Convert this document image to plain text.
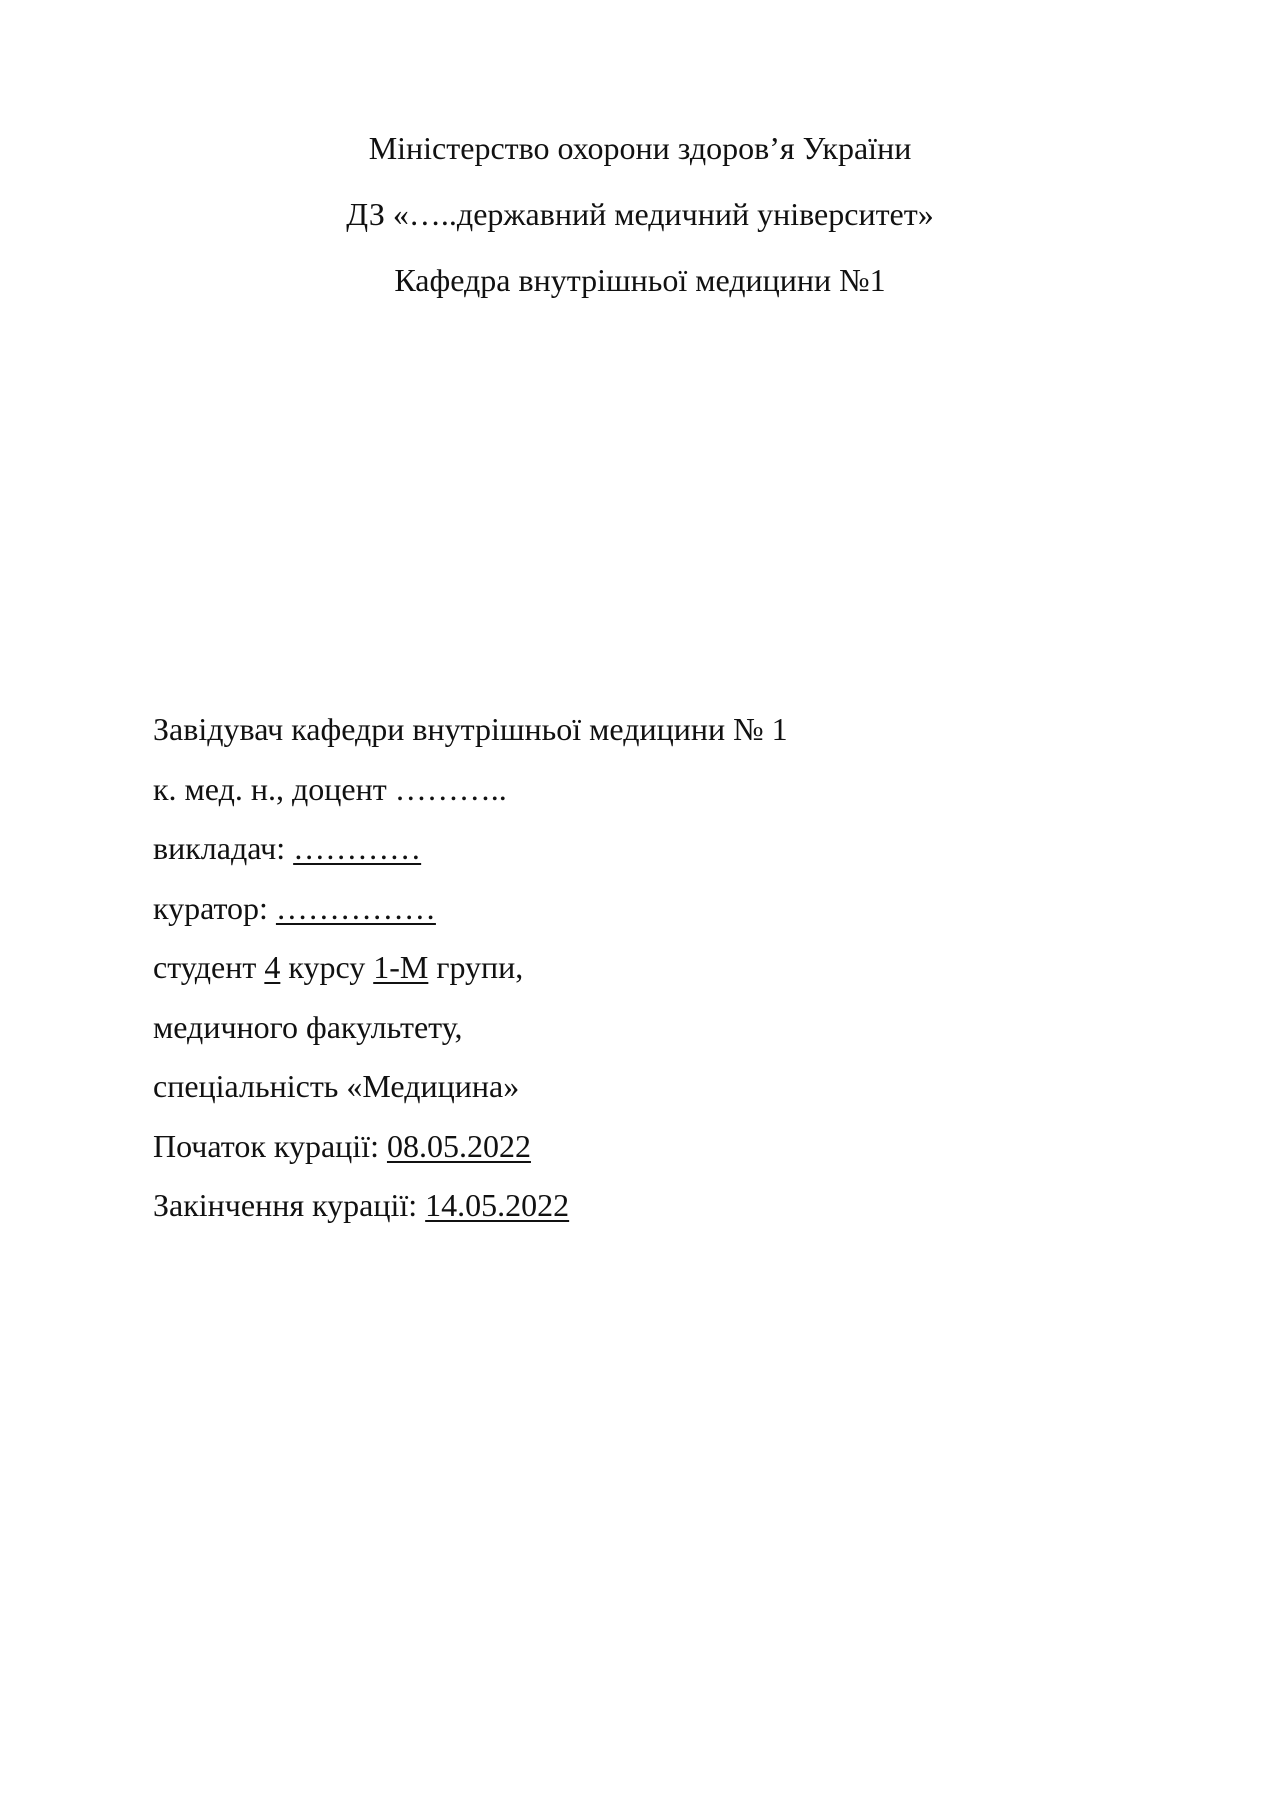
Міністерство охорони здоров’я України
ДЗ «…..державний медичний університет»
Кафедра внутрішньої медицини №1
Завідувач кафедри внутрішньої медицини № 1
к. мед. н., доцент ………..
викладач: …………
куратор: ……………
студент 4 курсу 1-М групи,
медичного факультету,
спеціальність «Медицина»
Початок курації: 08.05.2022
Закінчення курації: 14.05.2022
